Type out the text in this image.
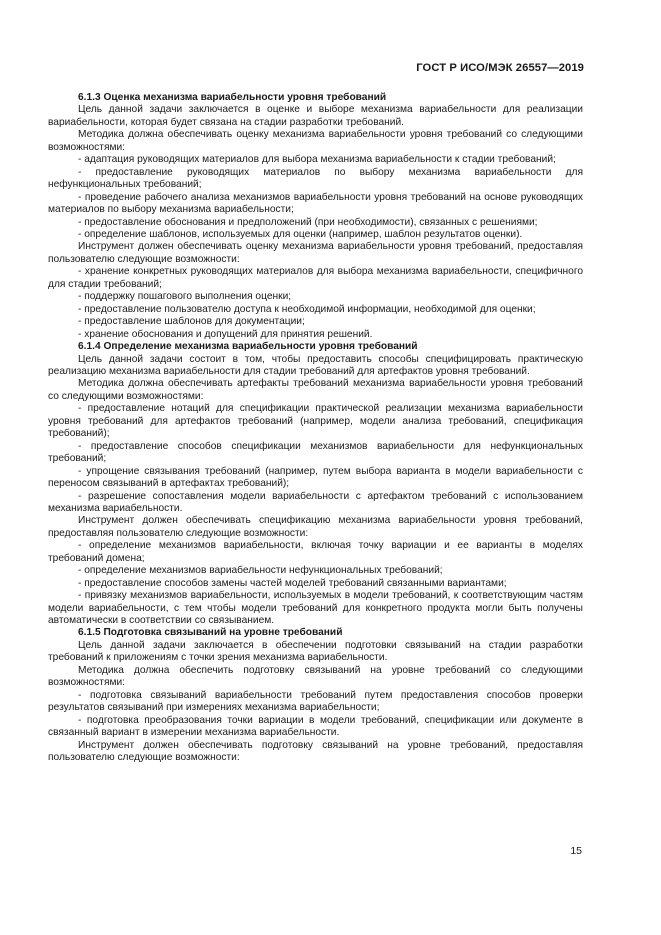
ГОСТ Р ИСО/МЭК 26557—2019

6.1.3 Оценка механизма вариабельности уровня требований

Цель данной задачи заключается в оценке и выборе механизма вариабельности для реализации вариабельности, которая будет связана на стадии разработки требований.

Методика должна обеспечивать оценку механизма вариабельности уровня требований со следующими возможностями:

- адаптация руководящих материалов для выбора механизма вариабельности к стадии требований;

- предоставление руководящих материалов по выбору механизма вариабельности для нефункциональных требований;

- проведение рабочего анализа механизмов вариабельности уровня требований на основе руководящих материалов по выбору механизма вариабельности;

- предоставление обоснования и предположений (при необходимости), связанных с решениями;

- определение шаблонов, используемых для оценки (например, шаблон результатов оценки).

Инструмент должен обеспечивать оценку механизма вариабельности уровня требований, предоставляя пользователю следующие возможности:

- хранение конкретных руководящих материалов для выбора механизма вариабельности, специфичного для стадии требований;

- поддержку пошагового выполнения оценки;

- предоставление пользователю доступа к необходимой информации, необходимой для оценки;

- предоставление шаблонов для документации;

- хранение обоснования и допущений для принятия решений.

6.1.4 Определение механизма вариабельности уровня требований

Цель данной задачи состоит в том, чтобы предоставить способы специфицировать практическую реализацию механизма вариабельности для стадии требований для артефактов уровня требований.

Методика должна обеспечивать артефакты требований механизма вариабельности уровня требований со следующими возможностями:

- предоставление нотаций для спецификации практической реализации механизма вариабельности уровня требований для артефактов требований (например, модели анализа требований, спецификация требований);

- предоставление способов спецификации механизмов вариабельности для нефункциональных требований;

- упрощение связывания требований (например, путем выбора варианта в модели вариабельности с переносом связываний в артефактах требований);

- разрешение сопоставления модели вариабельности с артефактом требований с использованием механизма вариабельности.

Инструмент должен обеспечивать спецификацию механизма вариабельности уровня требований, предоставляя пользователю следующие возможности:

- определение механизмов вариабельности, включая точку вариации и ее варианты в моделях требований домена;

- определение механизмов вариабельности нефункциональных требований;

- предоставление способов замены частей моделей требований связанными вариантами;

- привязку механизмов вариабельности, используемых в модели требований, к соответствующим частям модели вариабельности, с тем чтобы модели требований для конкретного продукта могли быть получены автоматически в соответствии со связыванием.

6.1.5 Подготовка связываний на уровне требований

Цель данной задачи заключается в обеспечении подготовки связываний на стадии разработки требований к приложениям с точки зрения механизма вариабельности.

Методика должна обеспечить подготовку связываний на уровне требований со следующими возможностями:

- подготовка связываний вариабельности требований путем предоставления способов проверки результатов связываний при измерениях механизма вариабельности;

- подготовка преобразования точки вариации в модели требований, спецификации или документе в связанный вариант в измерении механизма вариабельности.

Инструмент должен обеспечивать подготовку связываний на уровне требований, предоставляя пользователю следующие возможности:

15
